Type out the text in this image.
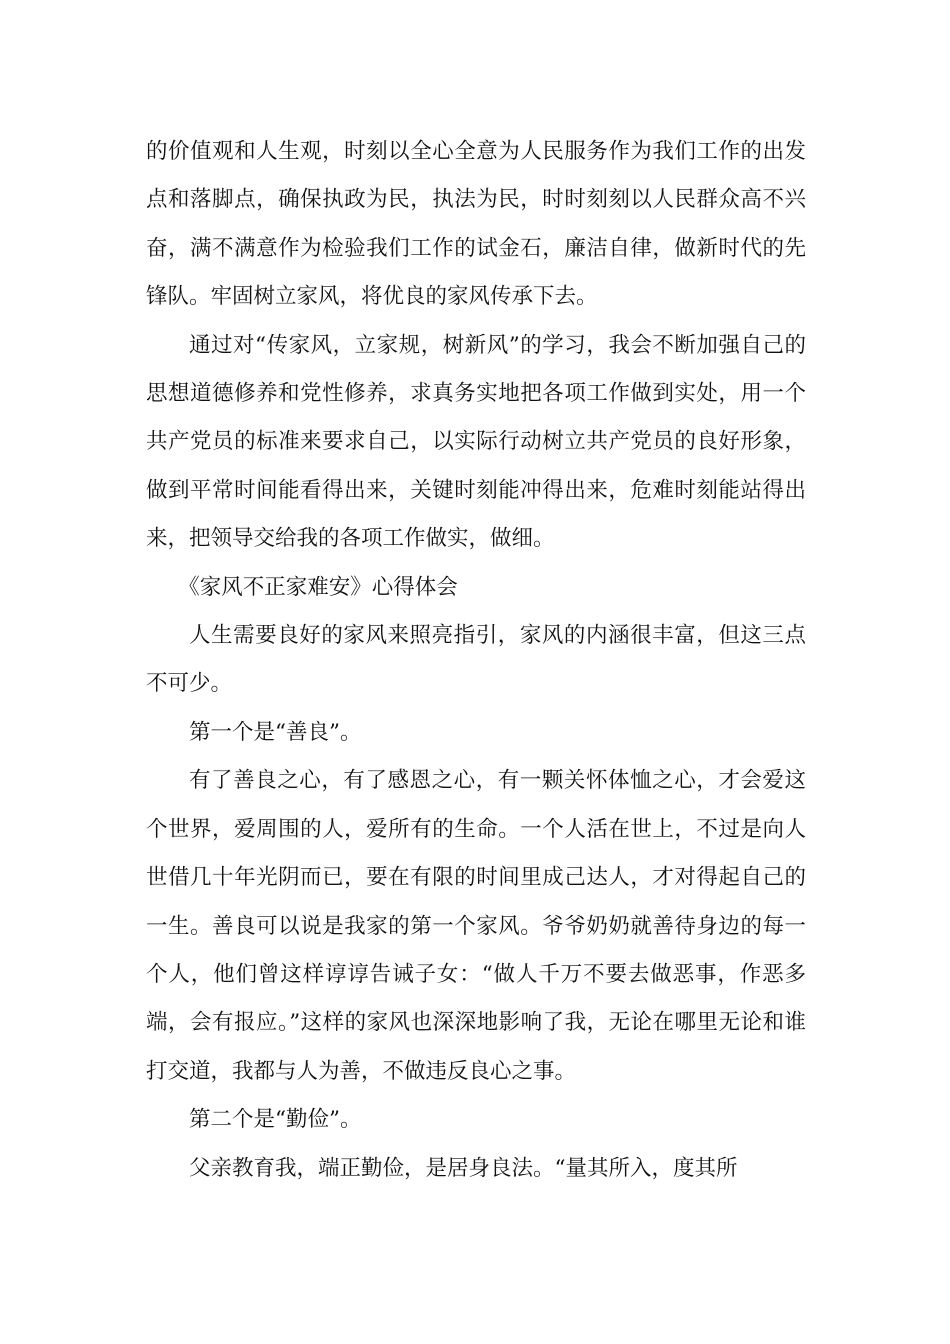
的价值观和人生观，时刻以全心全意为人民服务作为我们工作的出发点和落脚点，确保执政为民，执法为民，时时刻刻以人民群众高不兴奋，满不满意作为检验我们工作的试金石，廉洁自律，做新时代的先锋队。牢固树立家风，将优良的家风传承下去。

通过对“传家风，立家规，树新风”的学习，我会不断加强自己的思想道德修养和党性修养，求真务实地把各项工作做到实处，用一个共产党员的标准来要求自己，以实际行动树立共产党员的良好形象，做到平常时间能看得出来，关键时刻能冲得出来，危难时刻能站得出来，把领导交给我的各项工作做实，做细。

《家风不正家难安》心得体会

人生需要良好的家风来照亮指引，家风的内涵很丰富，但这三点不可少。

第一个是“善良”。

有了善良之心，有了感恩之心，有一颗关怀体恤之心，才会爱这个世界，爱周围的人，爱所有的生命。一个人活在世上，不过是向人世借几十年光阴而已，要在有限的时间里成己达人，才对得起自己的一生。善良可以说是我家的第一个家风。爷爷奶奶就善待身边的每一个人，他们曾这样谆谆告诫子女：“做人千万不要去做恶事，作恶多端，会有报应。”这样的家风也深深地影响了我，无论在哪里无论和谁打交道，我都与人为善，不做违反良心之事。

第二个是“勤俭”。

父亲教育我，端正勤俭，是居身良法。“量其所入，度其所
